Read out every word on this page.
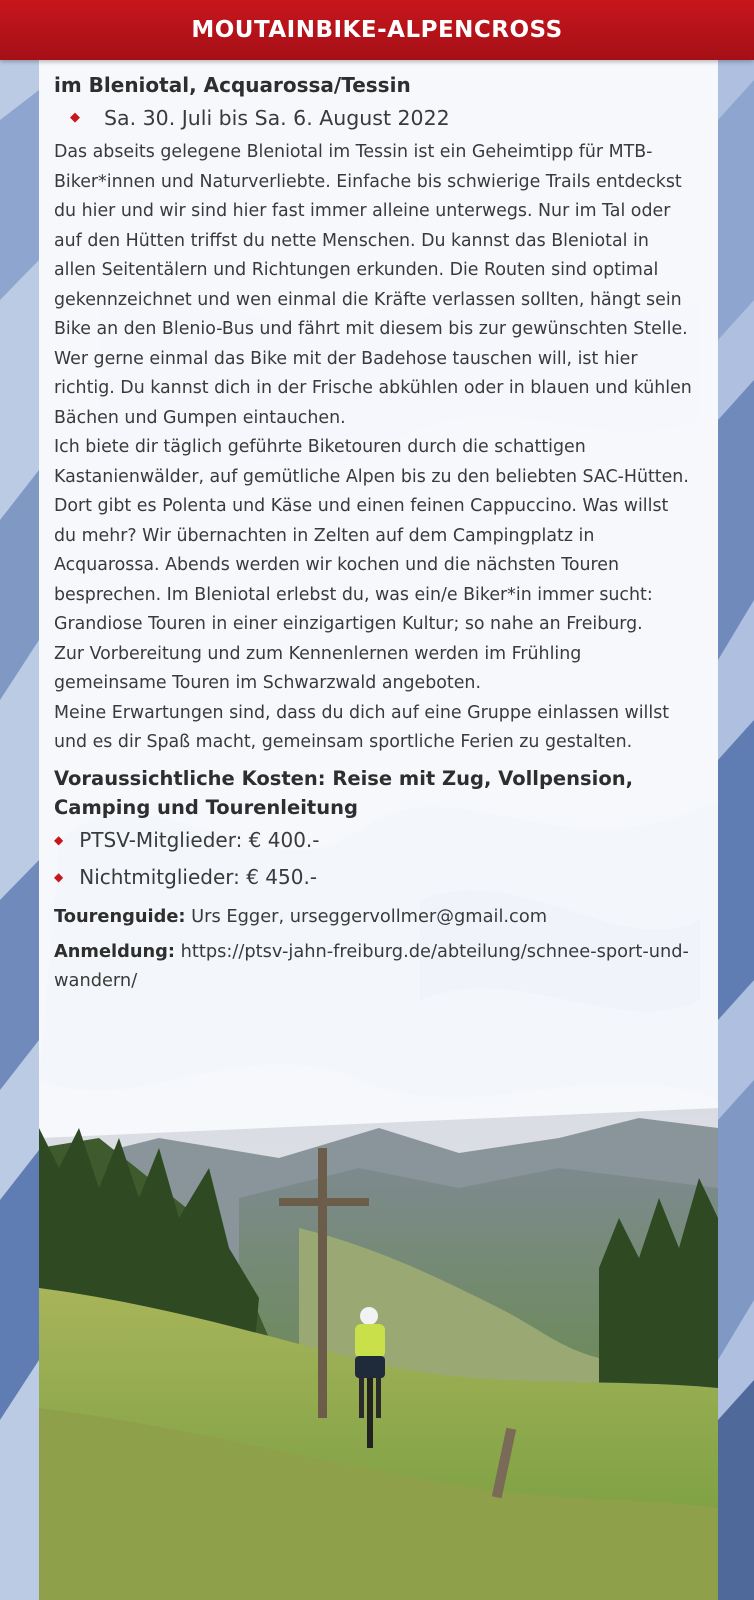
MOUTAINBIKE-ALPENCROSS
im Bleniotal, Acquarossa/Tessin
◆ Sa. 30. Juli bis Sa. 6. August 2022

Das abseits gelegene Bleniotal im Tessin ist ein Geheimtipp für MTB-Biker*innen und Naturverliebte. Einfache bis schwierige Trails entdeckst du hier und wir sind hier fast immer alleine unterwegs. Nur im Tal oder auf den Hütten triffst du nette Menschen. Du kannst das Bleniotal in allen Seitentälern und Richtungen erkunden. Die Routen sind optimal gekennzeichnet und wen einmal die Kräfte verlassen sollten, hängt sein Bike an den Blenio-Bus und fährt mit diesem bis zur gewünschten Stelle. Wer gerne einmal das Bike mit der Badehose tauschen will, ist hier richtig. Du kannst dich in der Frische abkühlen oder in blauen und kühlen Bächen und Gumpen eintauchen.

Ich biete dir täglich geführte Biketouren durch die schattigen Kastanienwälder, auf gemütliche Alpen bis zu den beliebten SAC-Hütten. Dort gibt es Polenta und Käse und einen feinen Cappuccino. Was willst du mehr? Wir übernachten in Zelten auf dem Campingplatz in Acquarossa. Abends werden wir kochen und die nächsten Touren besprechen. Im Bleniotal erlebst du, was ein/e Biker*in immer sucht: Grandiose Touren in einer einzigartigen Kultur; so nahe an Freiburg.

Zur Vorbereitung und zum Kennenlernen werden im Frühling gemeinsame Touren im Schwarzwald angeboten.

Meine Erwartungen sind, dass du dich auf eine Gruppe einlassen willst und es dir Spaß macht, gemeinsam sportliche Ferien zu gestalten.

Voraussichtliche Kosten: Reise mit Zug, Vollpension, Camping und Tourenleitung
◆ PTSV-Mitglieder: € 400.-
◆ Nichtmitglieder: € 450.-
Tourenguide: Urs Egger, urseggervollmer@gmail.com
Anmeldung: https://ptsv-jahn-freiburg.de/abteilung/schnee-sport-und-wandern/
